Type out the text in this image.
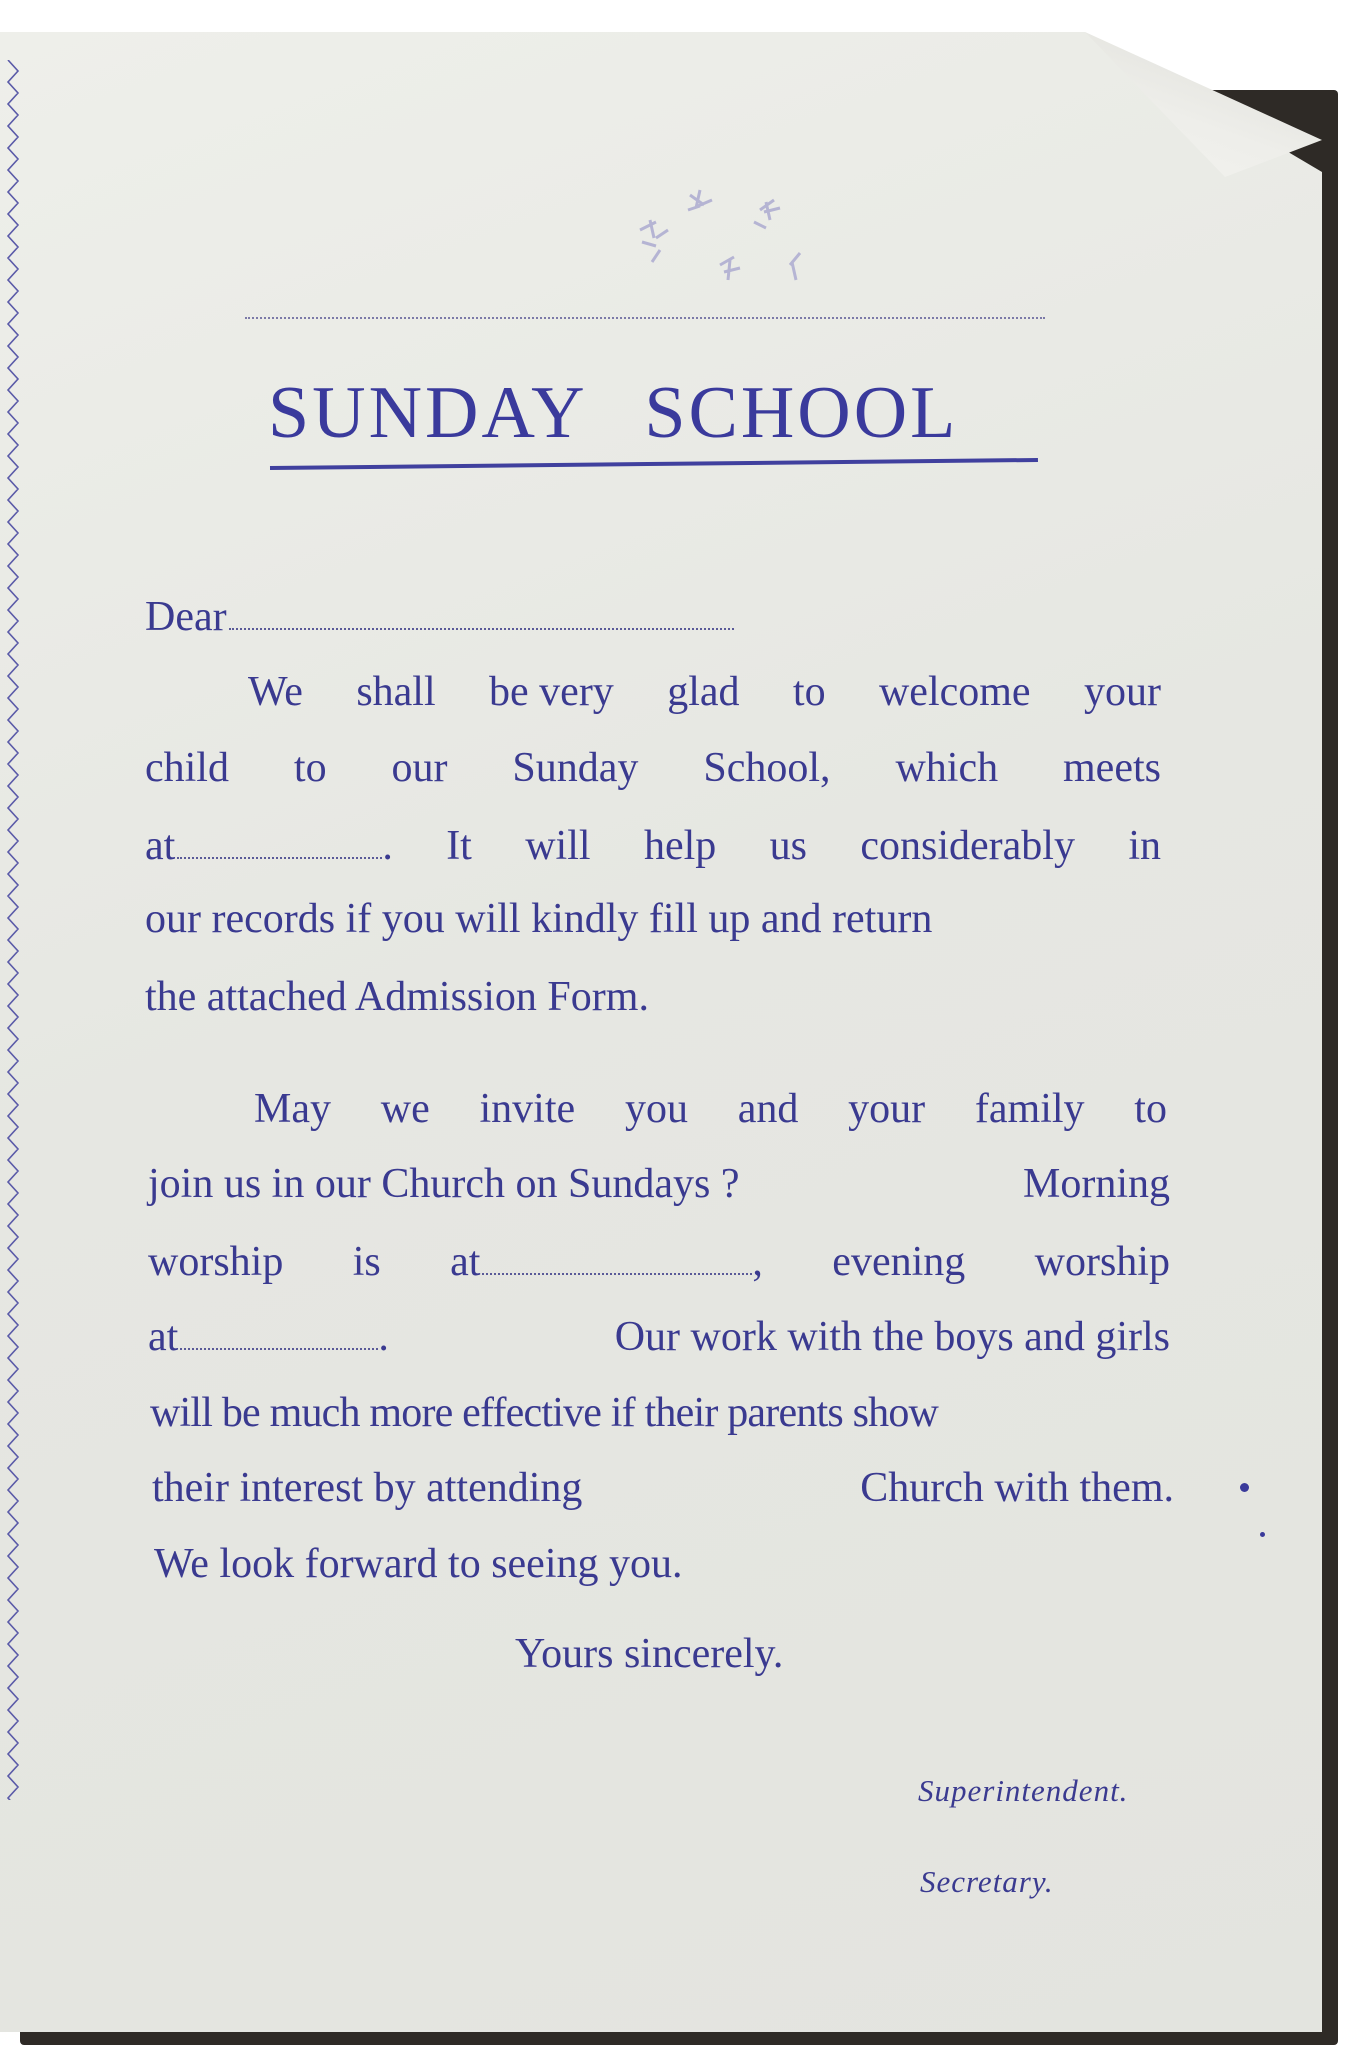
SUNDAY SCHOOL
Dear
We shall be very glad to welcome your
child to our Sunday School, which meets
at	. It will help us considerably in
our records if you will kindly fill up and return
the attached Admission Form.
May we invite you and your family to
join us in our Church on Sundays ?	Morning
worship is at	, evening worship
at	.	Our work with the boys and girls
will be much more effective if their parents show
their interest by attending	Church with them.
We look forward to seeing you.
Yours sincerely.
Superintendent.
Secretary.
